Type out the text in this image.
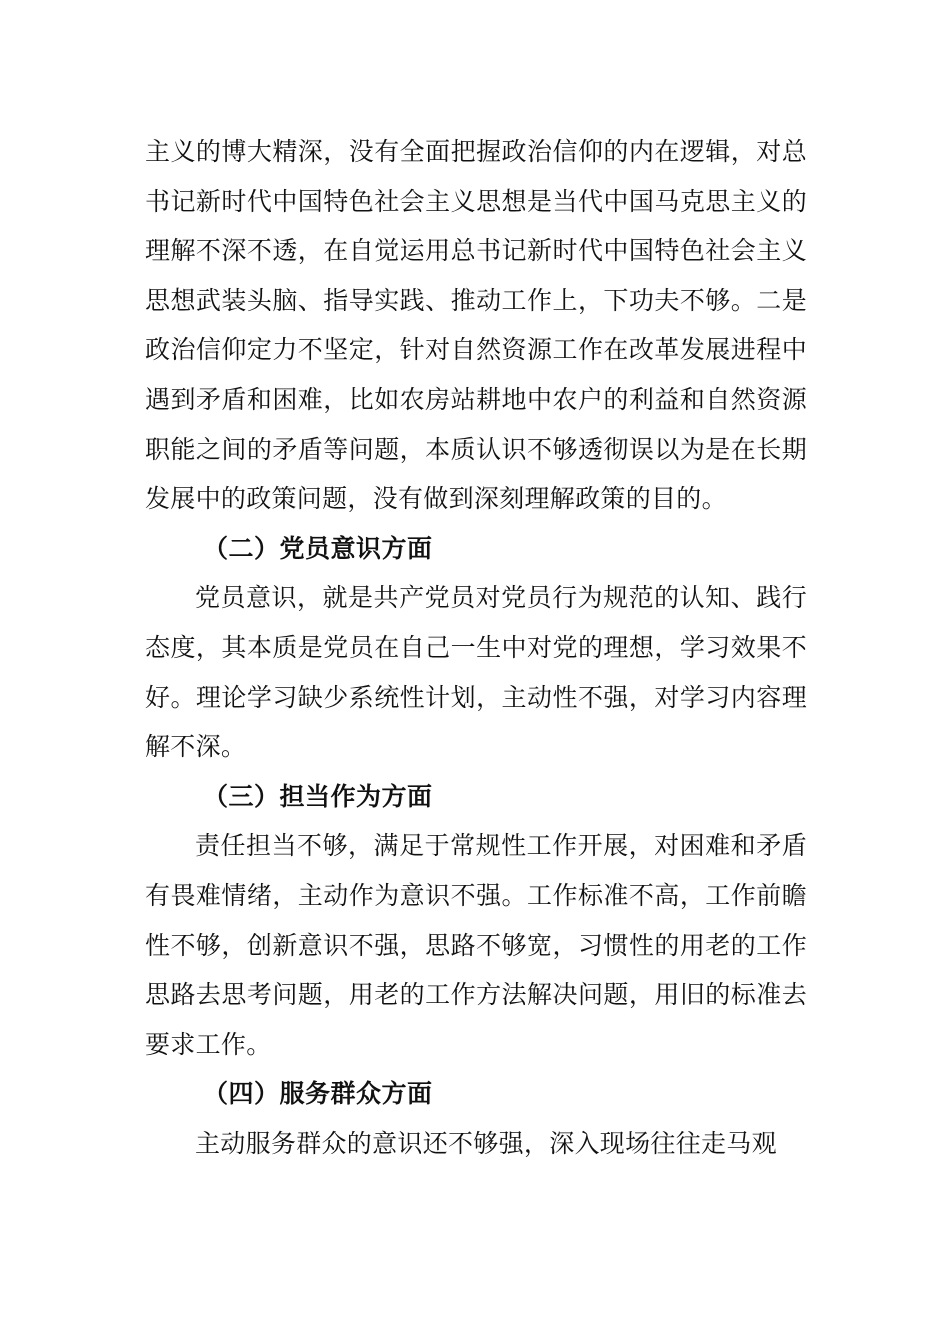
主义的博大精深，没有全面把握政治信仰的内在逻辑，对总书记新时代中国特色社会主义思想是当代中国马克思主义的理解不深不透，在自觉运用总书记新时代中国特色社会主义思想武装头脑、指导实践、推动工作上，下功夫不够。二是政治信仰定力不坚定，针对自然资源工作在改革发展进程中遇到矛盾和困难，比如农房站耕地中农户的利益和自然资源职能之间的矛盾等问题，本质认识不够透彻误以为是在长期发展中的政策问题，没有做到深刻理解政策的目的。

（二）党员意识方面

党员意识，就是共产党员对党员行为规范的认知、践行态度，其本质是党员在自己一生中对党的理想，学习效果不好。理论学习缺少系统性计划，主动性不强，对学习内容理解不深。

（三）担当作为方面

责任担当不够，满足于常规性工作开展，对困难和矛盾有畏难情绪，主动作为意识不强。工作标准不高，工作前瞻性不够，创新意识不强，思路不够宽，习惯性的用老的工作思路去思考问题，用老的工作方法解决问题，用旧的标准去要求工作。

（四）服务群众方面

主动服务群众的意识还不够强，深入现场往往走马观
